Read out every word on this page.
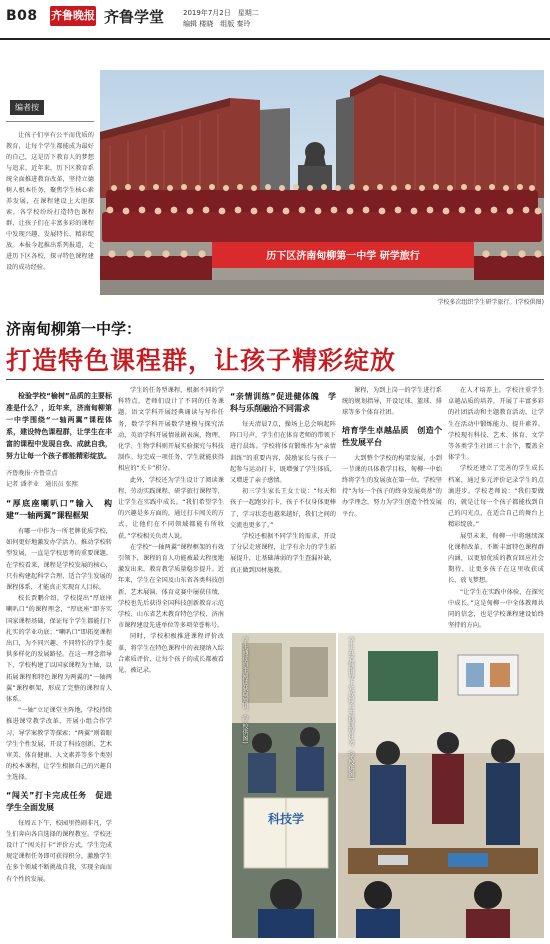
B08 齐鲁晚报 齐鲁学堂	2019年7月2日　星期二
编辑 楼晓　组版 秦玲
编者按

让孩子们享有公平而优质的教育，让每个学生都能成为最好的自己，这是历下教育人的梦想与追求。近年来，历下区教育系统全面推进教育改革，坚持立德树人根本任务，聚焦学生核心素养发展，在课程建设上大胆探索，各学校纷纷打造特色课程群，让孩子们在丰富多彩的课程中发现兴趣、发展特长、精彩绽放。本报今起推出系列报道，走进历下区各校，探寻特色课程建设的成功经验。

历下区济南甸柳第一中学 研学旅行
学校多次组织学生研学旅行。(学校供图)
济南甸柳第一中学：
打造特色课程群，让孩子精彩绽放

检验学校“榆树”品质的主要标准是什么？，近年来，济南甸柳第一中学围绕“一轴两翼”课程体系，建设特色课程群，让学生在丰富的课程中发现自我、成就自我，努力让每一个孩子都能精彩绽放。

齐鲁晚报·齐鲁壹点
记者 潘孝业　通讯员 张熙
“厚底座喇叭口”输入　构建“一轴两翼”课程框架

有哪一中作为一所老牌优质学校，如何更好地激发办学活力、推动学校转型发展，一直是学校思考的重要课题。在学校看来，课程是学校发展的核心，只有构建起科学合理、适合学生发展的课程体系，才能真正实现育人目标。

校长贾鹏介绍，学校提出“厚底座喇叭口”的课程理念，“厚底座”即夯实国家课程基础，保证每个学生都能打下扎实的学业功底；“喇叭口”即拓宽课程出口，为不同兴趣、不同特长的学生提供多样化的发展路径。在这一理念指导下，学校构建了以国家课程为主轴，以拓展课程和特色课程为两翼的“一轴两翼”课程框架，形成了完整的课程育人体系。

“一轴”立足课堂主阵地，学校持续推进课堂教学改革，开展小组合作学习、导学案教学等探索；“两翼”则着眼学生个性发展，开设了科技创新、艺术审美、体育健康、人文素养等多个类别的校本课程，让学生根据自己的兴趣自主选择。

“闯关”打卡完成任务　促进学生全面发展

每周五下午，校园里热闹非凡，学生们奔向各自选择的课程教室。学校还设计了“闯关打卡”评价方式，学生完成规定课程任务即可获得积分，激励学生在多个领域不断挑战自我，实现全面而有个性的发展。

学生的任务型课程，根据不同的学科特点，老师们设计了不同的任务课题。语文学科开展经典诵读与写作任务，数学学科开展数学建模与探究活动，英语学科开展情景剧表演，物理、化学、生物学科则开展实验探究与科技制作。每完成一项任务，学生就能获得相应的“关卡”积分。

此外，学校还为学生设计了阅读课程、劳动实践课程、研学旅行课程等，让学生在实践中成长。“我们希望学生的兴趣是多方面的，通过打卡闯关的方式，让他们在不同领域都能有所收获。”学校相关负责人说。

在学校“一轴两翼”课程框架的有效引领下，课程的育人功能被最大程度地激发出来，教育教学质量稳步提升。近年来，学生在全国及山东省各类科技创新、艺术展演、体育竞赛中屡获佳绩，学校也先后获得全国科技创新教育示范学校、山东省艺术教育特色学校、济南市课程建设先进单位等多项荣誉称号。

同时，学校积极推进课程评价改革，将学生在特色课程中的表现纳入综合素质评价，让每个孩子的成长都被看见、被记录。

“亲情训练”促进健体魄　学科与乐削融洽不同需求

每天清晨7点，操场上总会响起阵阵口号声，学生们在体育老师的带领下进行晨练。学校将体育锻炼作为“亲情训练”的重要内容，鼓励家长与孩子一起参与运动打卡，既增强了学生体质，又增进了亲子感情。

初三学生家长王女士说：“每天和孩子一起跑步打卡，孩子不仅身体更棒了，学习状态也越来越好，我们之间的交流也更多了。”

学校还根据不同学生的需求，开设了分层走班课程，让学有余力的学生拓展提升，让基础薄弱的学生查漏补缺，真正做到因材施教。

课程，为到上岗一的学生进行系统的规划指导，开设足球、篮球、排球等多个体育社团。

培育学生卓越品质　创造个性发展平台

大到整个学校的构架发展，小到一节课的具体教学目标，甸柳一中始终将学生的发展放在第一位。学校坚持“为每一个孩子的终身发展奠基”的办学理念，努力为学生创造个性发展平台。

在人才培养上，学校注重学生卓越品质的培养，开展了丰富多彩的社团活动和主题教育活动，让学生在活动中锻炼能力、提升素养。学校现有科技、艺术、体育、文学等各类学生社团三十余个，覆盖全体学生。

学校还建立了完善的学生成长档案，通过多元评价记录学生的点滴进步。学校老师说：“我们要做的，就是让每一个孩子都能找到自己的闪光点，在适合自己的舞台上精彩绽放。”

展望未来，甸柳一中将继续深化课程改革，不断丰富特色课程群内涵，以更加优质的教育回应社会期待，让更多孩子在这里收获成长、放飞梦想。

“让学生在实践中体验，在探究中成长。”这是甸柳一中全体教师共同的信念，也是学校课程建设始终坚持的方向。

科技学
学生通过自主阅读获取知识。(学校供图)	学生在老师指导下完成综合实践课程任务。(学校供图)
